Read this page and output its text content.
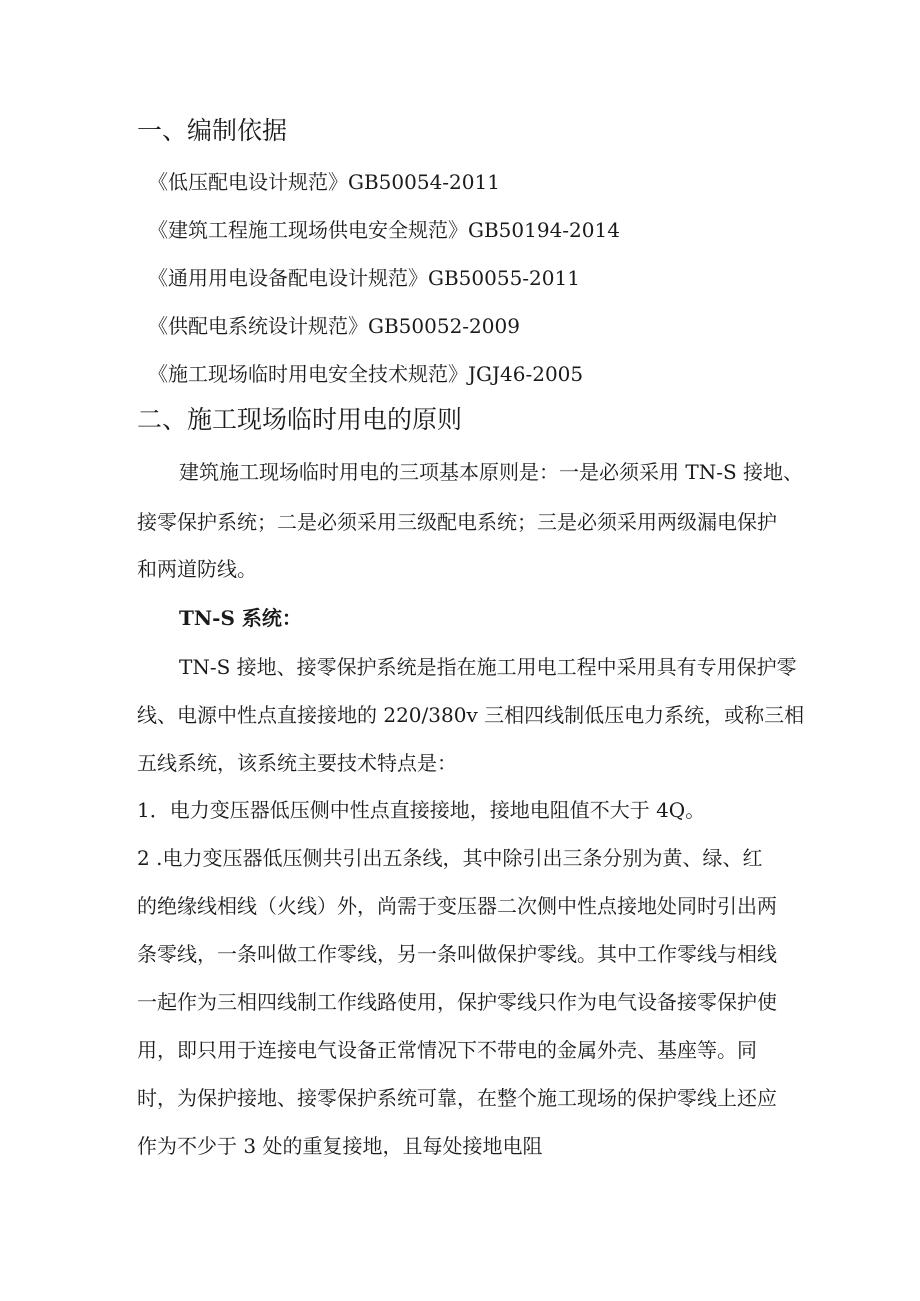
一、编制依据
《低压配电设计规范》GB50054-2011
《建筑工程施工现场供电安全规范》GB50194-2014
《通用用电设备配电设计规范》GB50055-2011
《供配电系统设计规范》GB50052-2009
《施工现场临时用电安全技术规范》JGJ46-2005
二、施工现场临时用电的原则
建筑施工现场临时用电的三项基本原则是：一是必须采用 TN-S 接地、
接零保护系统；二是必须采用三级配电系统；三是必须采用两级漏电保护
和两道防线。
TN-S 系统：
TN-S 接地、接零保护系统是指在施工用电工程中采用具有专用保护零
线、电源中性点直接接地的 220/380v 三相四线制低压电力系统，或称三相
五线系统，该系统主要技术特点是：
1．电力变压器低压侧中性点直接接地，接地电阻值不大于 4Q。
2 .电力变压器低压侧共引出五条线，其中除引出三条分别为黄、绿、红
的绝缘线相线（火线）外，尚需于变压器二次侧中性点接地处同时引出两
条零线，一条叫做工作零线，另一条叫做保护零线。其中工作零线与相线
一起作为三相四线制工作线路使用，保护零线只作为电气设备接零保护使
用，即只用于连接电气设备正常情况下不带电的金属外壳、基座等。同
时，为保护接地、接零保护系统可靠，在整个施工现场的保护零线上还应
作为不少于 3 处的重复接地，且每处接地电阻
